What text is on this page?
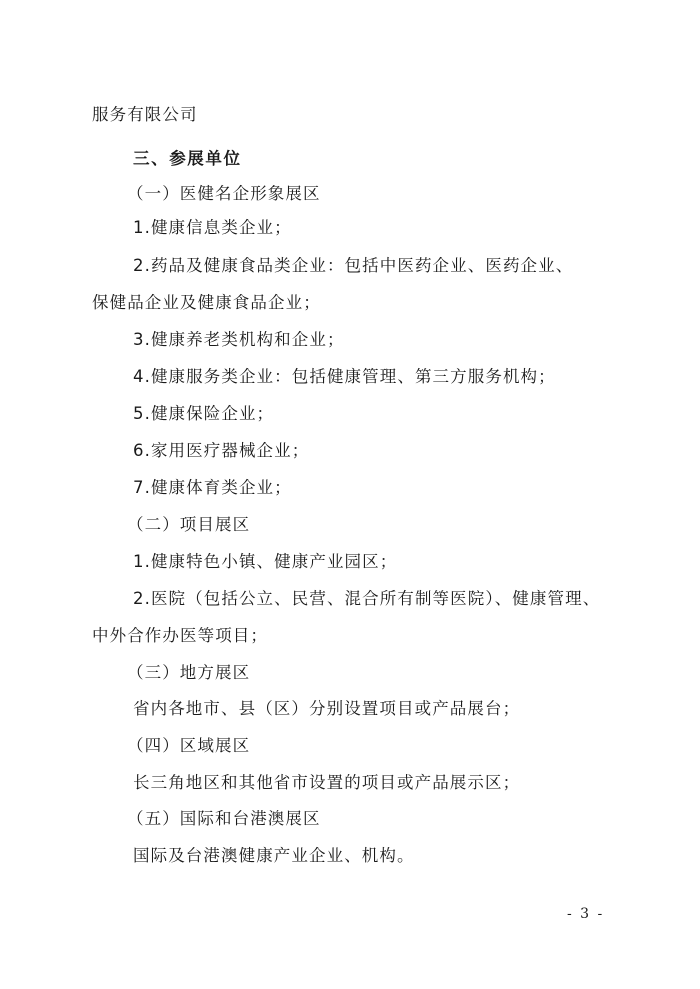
服务有限公司
三、参展单位
（一）医健名企形象展区
1.健康信息类企业；
2.药品及健康食品类企业：包括中医药企业、医药企业、
保健品企业及健康食品企业；
3.健康养老类机构和企业；
4.健康服务类企业：包括健康管理、第三方服务机构；
5.健康保险企业；
6.家用医疗器械企业；
7.健康体育类企业；
（二）项目展区
1.健康特色小镇、健康产业园区；
2.医院（包括公立、民营、混合所有制等医院）、健康管理、
中外合作办医等项目；
（三）地方展区
省内各地市、县（区）分别设置项目或产品展台；
（四）区域展区
长三角地区和其他省市设置的项目或产品展示区；
（五）国际和台港澳展区
国际及台港澳健康产业企业、机构。
- 3 -
